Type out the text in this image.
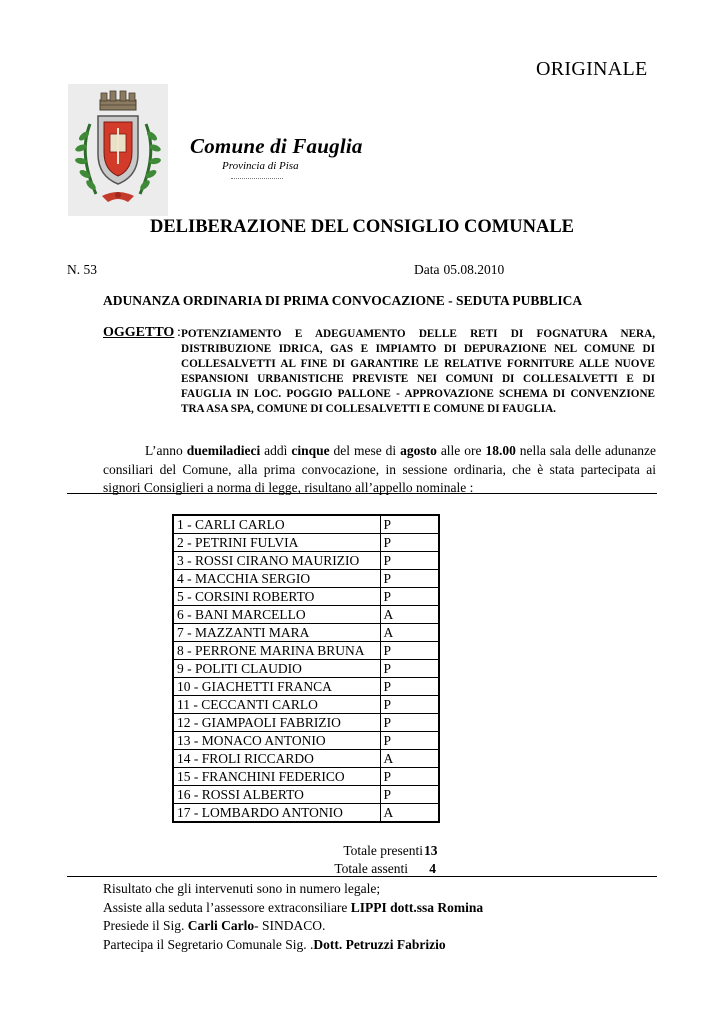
ORIGINALE
Comune di Fauglia
Provincia di Pisa
DELIBERAZIONE DEL CONSIGLIO COMUNALE
N. 53	Data 05.08.2010
ADUNANZA ORDINARIA DI PRIMA CONVOCAZIONE - SEDUTA PUBBLICA
OGGETTO : POTENZIAMENTO E ADEGUAMENTO DELLE RETI DI FOGNATURA NERA, DISTRIBUZIONE IDRICA, GAS E IMPIAMTO DI DEPURAZIONE NEL COMUNE DI COLLESALVETTI AL FINE DI GARANTIRE LE RELATIVE FORNITURE ALLE NUOVE ESPANSIONI URBANISTICHE PREVISTE NEI COMUNI DI COLLESALVETTI E DI FAUGLIA IN LOC. POGGIO PALLONE - APPROVAZIONE SCHEMA DI CONVENZIONE TRA ASA SPA, COMUNE DI COLLESALVETTI E COMUNE DI FAUGLIA.
L’anno duemiladieci addì cinque del mese di agosto alle ore 18.00 nella sala delle adunanze consiliari del Comune, alla prima convocazione, in sessione ordinaria, che è stata partecipata ai signori Consiglieri a norma di legge, risultano all’appello nominale :
1 - CARLI CARLO	P
2 - PETRINI FULVIA	P
3 - ROSSI CIRANO MAURIZIO	P
4 - MACCHIA SERGIO	P
5 - CORSINI ROBERTO	P
6 - BANI MARCELLO	A
7 - MAZZANTI MARA	A
8 - PERRONE MARINA BRUNA	P
9 - POLITI CLAUDIO	P
10 - GIACHETTI FRANCA	P
11 - CECCANTI CARLO	P
12 - GIAMPAOLI FABRIZIO	P
13 - MONACO ANTONIO	P
14 - FROLI RICCARDO	A
15 - FRANCHINI FEDERICO	P
16 - ROSSI ALBERTO	P
17 - LOMBARDO ANTONIO	A
Totale presenti 13
Totale assenti	4
Risultato che gli intervenuti sono in numero legale;
Assiste alla seduta l’assessore extraconsiliare LIPPI dott.ssa Romina
Presiede il Sig. Carli Carlo- SINDACO.
Partecipa il Segretario Comunale Sig. .Dott. Petruzzi Fabrizio
